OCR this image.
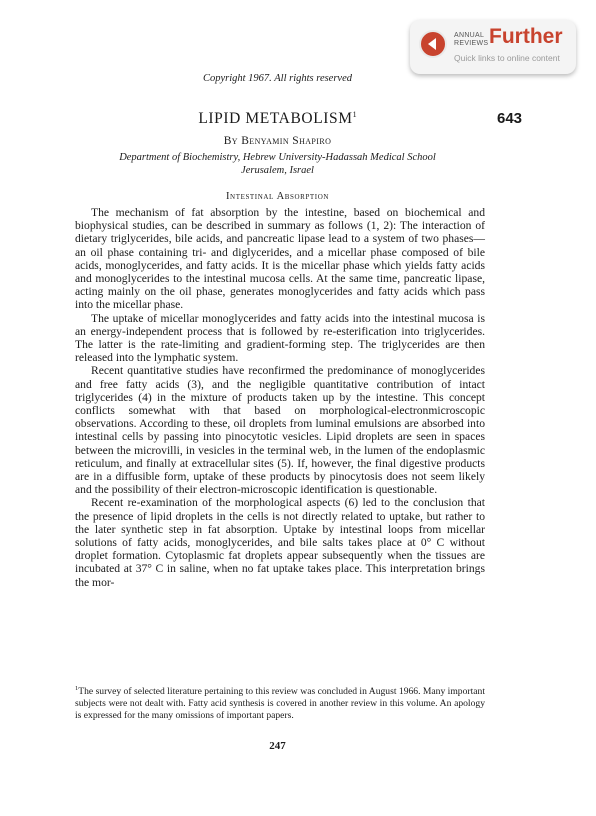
ANNUAL
REVIEWS Further
Quick links to online content
Copyright 1967. All rights reserved
LIPID METABOLISM$^1$	643
By Benyamin Shapiro
Department of Biochemistry, Hebrew University-Hadassah Medical School
Jerusalem, Israel
Intestinal Absorption

The mechanism of fat absorption by the intestine, based on biochemical and biophysical studies, can be described in summary as follows (1, 2): The interaction of dietary triglycerides, bile acids, and pancreatic lipase lead to a system of two phases—an oil phase containing tri- and diglycerides, and a micellar phase composed of bile acids, monoglycerides, and fatty acids. It is the micellar phase which yields fatty acids and monoglycerides to the intestinal mucosa cells. At the same time, pancreatic lipase, acting mainly on the oil phase, generates monoglycerides and fatty acids which pass into the micellar phase.

The uptake of micellar monoglycerides and fatty acids into the intestinal mucosa is an energy-independent process that is followed by re-esterification into triglycerides. The latter is the rate-limiting and gradient-forming step. The triglycerides are then released into the lymphatic system.

Recent quantitative studies have reconfirmed the predominance of monoglycerides and free fatty acids (3), and the negligible quantitative contribution of intact triglycerides (4) in the mixture of products taken up by the intestine. This concept conflicts somewhat with that based on morphological-electronmicroscopic observations. According to these, oil droplets from luminal emulsions are absorbed into intestinal cells by passing into pinocytotic vesicles. Lipid droplets are seen in spaces between the microvilli, in vesicles in the terminal web, in the lumen of the endoplasmic reticulum, and finally at extracellular sites (5). If, however, the final digestive products are in a diffusible form, uptake of these products by pinocytosis does not seem likely and the possibility of their electron-microscopic identification is questionable.

Recent re-examination of the morphological aspects (6) led to the conclusion that the presence of lipid droplets in the cells is not directly related to uptake, but rather to the later synthetic step in fat absorption. Uptake by intestinal loops from micellar solutions of fatty acids, monoglycerides, and bile salts takes place at 0° C without droplet formation. Cytoplasmic fat droplets appear subsequently when the tissues are incubated at 37° C in saline, when no fat uptake takes place. This interpretation brings the mor-

$^1$The survey of selected literature pertaining to this review was concluded in August 1966. Many important subjects were not dealt with. Fatty acid synthesis is covered in another review in this volume. An apology is expressed for the many omissions of important papers.
247
